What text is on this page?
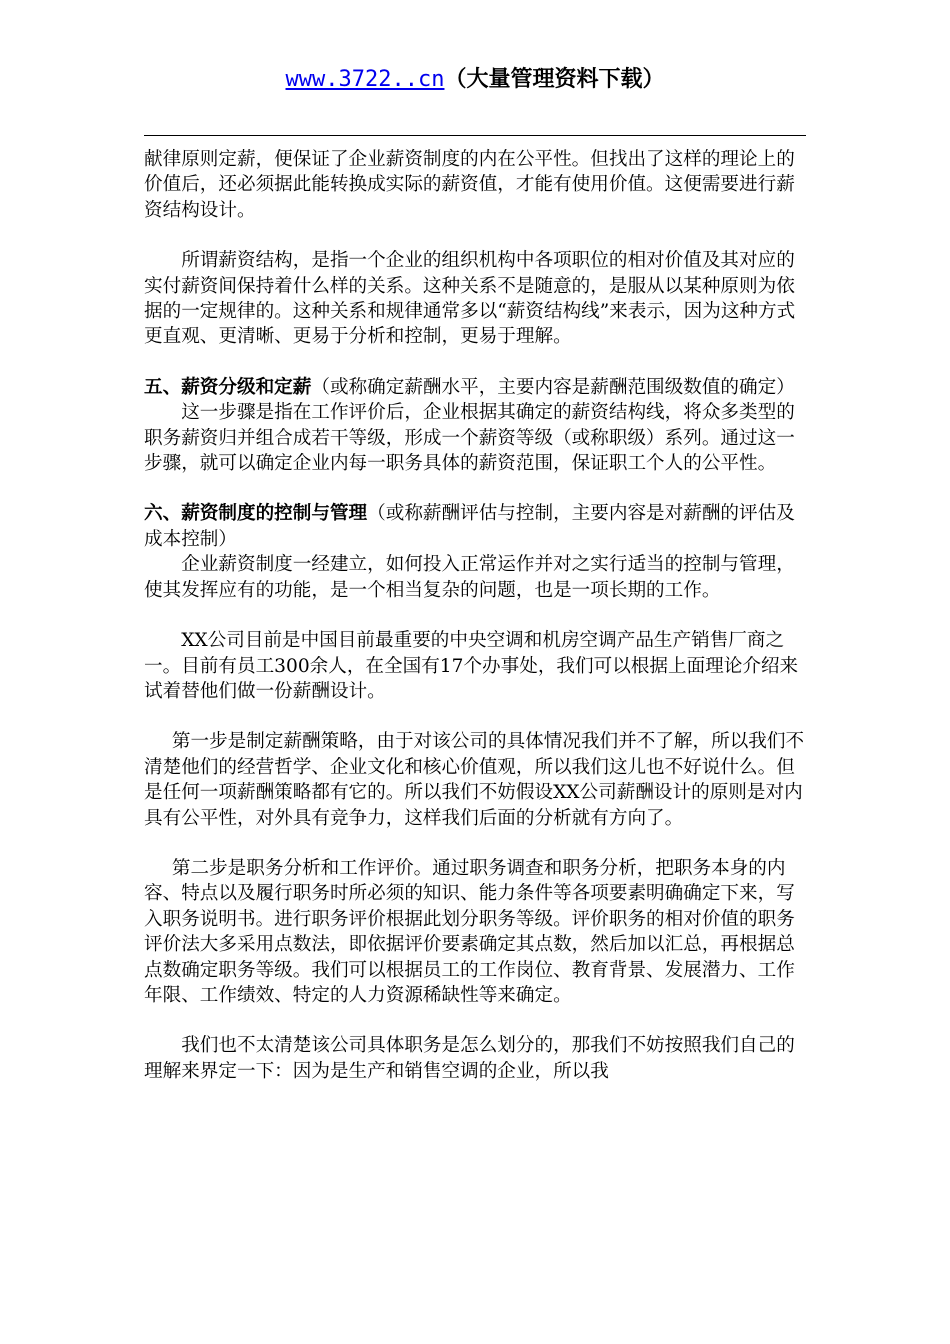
www.3722..cn（大量管理资料下载）

献律原则定薪，便保证了企业薪资制度的内在公平性。但找出了这样的理论上的价值后，还必须据此能转换成实际的薪资值，才能有使用价值。这便需要进行薪资结构设计。

所谓薪资结构，是指一个企业的组织机构中各项职位的相对价值及其对应的实付薪资间保持着什么样的关系。这种关系不是随意的，是服从以某种原则为依据的一定规律的。这种关系和规律通常多以“薪资结构线”来表示，因为这种方式更直观、更清晰、更易于分析和控制，更易于理解。

五、薪资分级和定薪（或称确定薪酬水平，主要内容是薪酬范围级数值的确定）

这一步骤是指在工作评价后，企业根据其确定的薪资结构线，将众多类型的职务薪资归并组合成若干等级，形成一个薪资等级（或称职级）系列。通过这一步骤，就可以确定企业内每一职务具体的薪资范围，保证职工个人的公平性。

六、薪资制度的控制与管理（或称薪酬评估与控制，主要内容是对薪酬的评估及成本控制）

企业薪资制度一经建立，如何投入正常运作并对之实行适当的控制与管理，使其发挥应有的功能，是一个相当复杂的问题，也是一项长期的工作。

XX公司目前是中国目前最重要的中央空调和机房空调产品生产销售厂商之一。目前有员工300余人，在全国有17个办事处，我们可以根据上面理论介绍来试着替他们做一份薪酬设计。

第一步是制定薪酬策略，由于对该公司的具体情况我们并不了解，所以我们不清楚他们的经营哲学、企业文化和核心价值观，所以我们这儿也不好说什么。但是任何一项薪酬策略都有它的。所以我们不妨假设XX公司薪酬设计的原则是对内具有公平性，对外具有竞争力，这样我们后面的分析就有方向了。

第二步是职务分析和工作评价。通过职务调查和职务分析，把职务本身的内容、特点以及履行职务时所必须的知识、能力条件等各项要素明确确定下来，写入职务说明书。进行职务评价根据此划分职务等级。评价职务的相对价值的职务评价法大多采用点数法，即依据评价要素确定其点数，然后加以汇总，再根据总点数确定职务等级。我们可以根据员工的工作岗位、教育背景、发展潜力、工作年限、工作绩效、特定的人力资源稀缺性等来确定。

我们也不太清楚该公司具体职务是怎么划分的，那我们不妨按照我们自己的理解来界定一下：因为是生产和销售空调的企业，所以我
